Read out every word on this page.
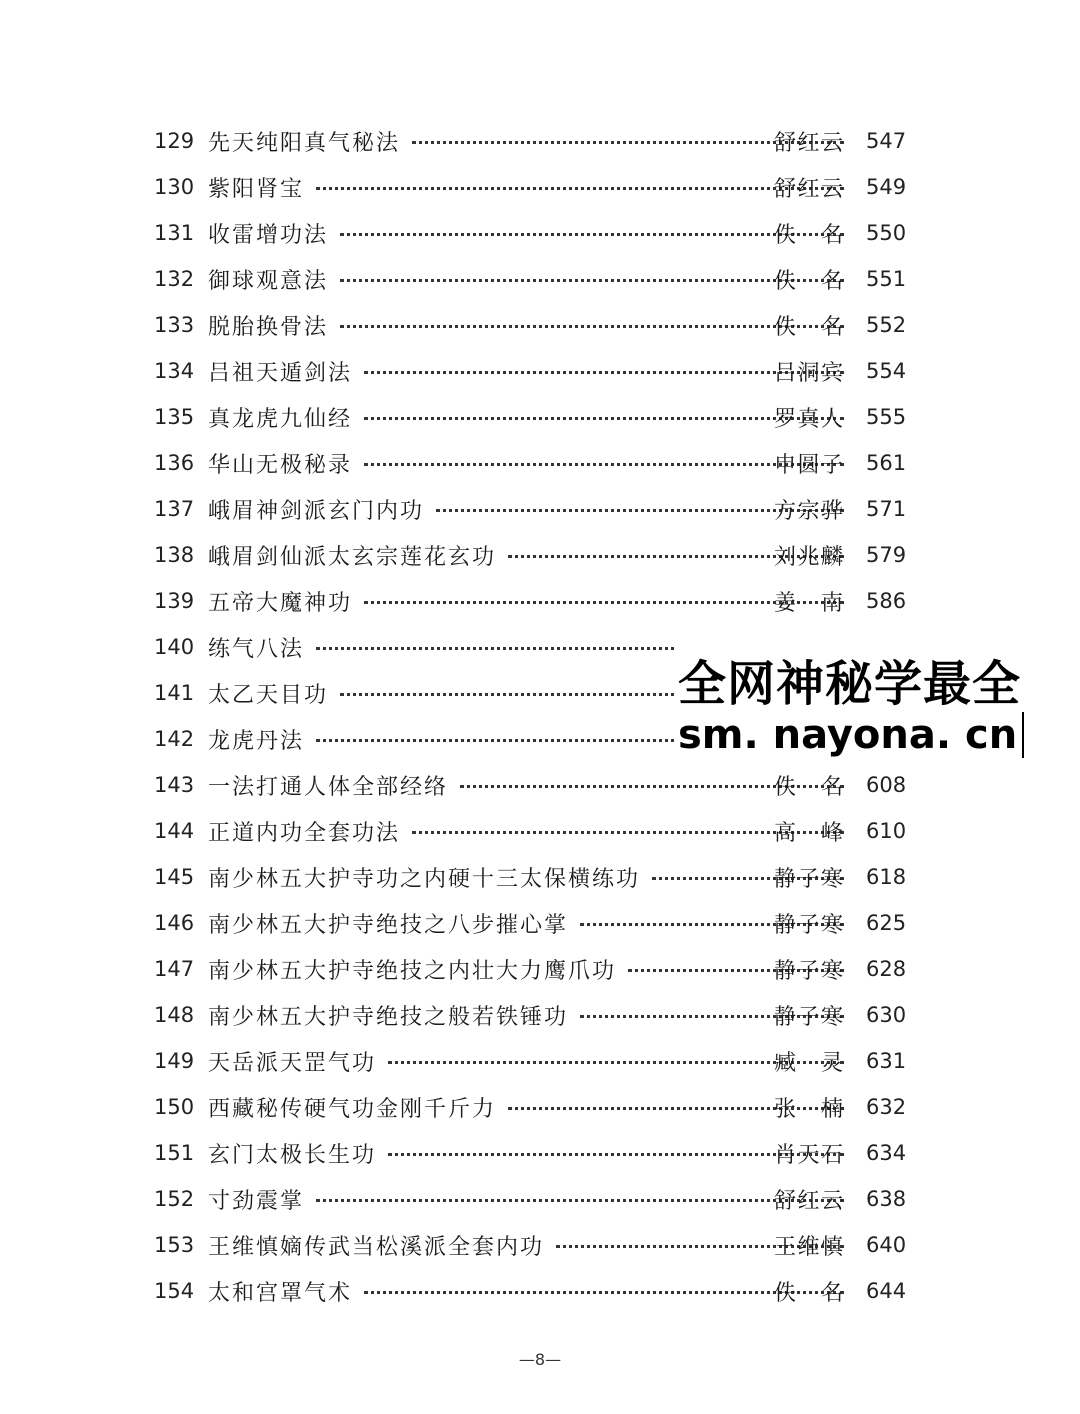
129 先天纯阳真气秘法	舒红云 547
130 紫阳肾宝	舒红云 549
131 收雷增功法	佚 名 550
132 御球观意法	佚 名 551
133 脱胎换骨法	佚 名 552
134 吕祖天遁剑法	吕洞宾 554
135 真龙虎九仙经	罗真人 555
136 华山无极秘录	申圆子 561
137 峨眉神剑派玄门内功	方宗骅 571
138 峨眉剑仙派太玄宗莲花玄功	刘兆麟 579
139 五帝大魔神功	姜 南 586
140 练气八法
141 太乙天目功
142 龙虎丹法
143 一法打通人体全部经络	佚 名 608
144 正道内功全套功法	高 峰 610
145 南少林五大护寺功之内硬十三太保横练功	静子寒 618
146 南少林五大护寺绝技之八步摧心掌	静子寒 625
147 南少林五大护寺绝技之内壮大力鹰爪功	静子寒 628
148 南少林五大护寺绝技之般若铁锤功	静子寒 630
149 天岳派天罡气功	臧 灵 631
150 西藏秘传硬气功金刚千斤力	张 楠 632
151 玄门太极长生功	肖天石 634
152 寸劲震掌	舒红云 638
153 王维慎嫡传武当松溪派全套内功	王维慎 640
154 太和宫罩气术	佚 名 644
全网神秘学最全
sm. nayona. cn
—8—
